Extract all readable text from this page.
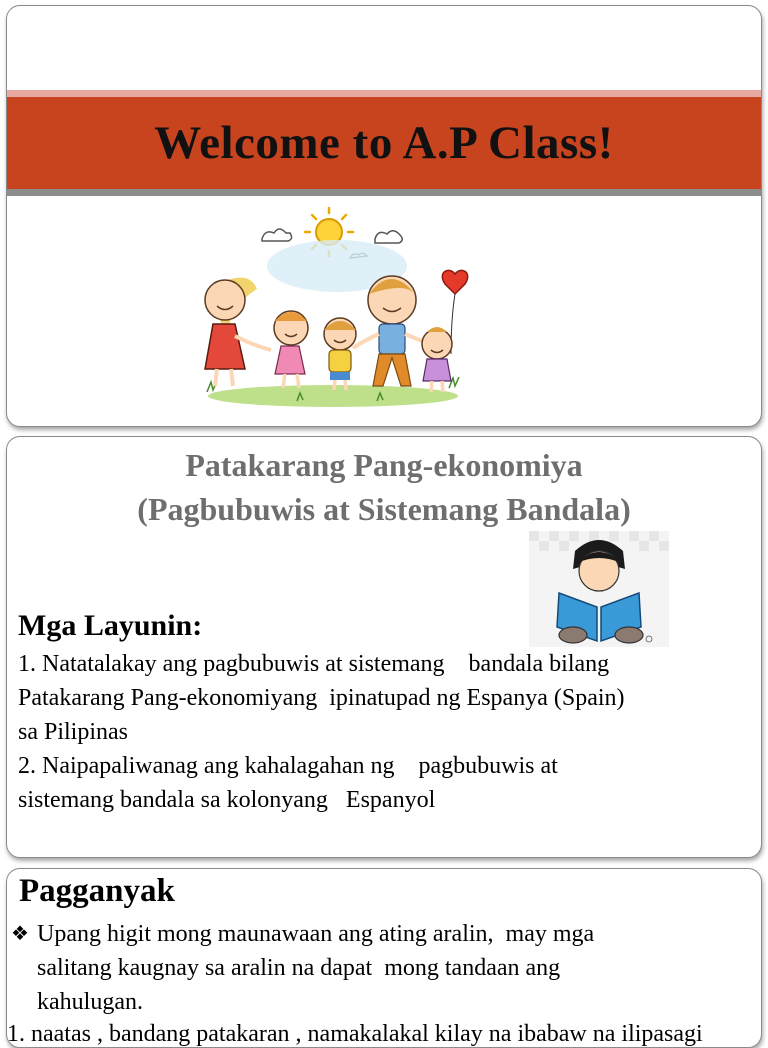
Welcome to A.P Class!
Patakarang Pang-ekonomiya
(Pagbubuwis at Sistemang Bandala)
Mga Layunin:
1. Natatalakay ang pagbubuwis at sistemang    bandala bilang
Patakarang Pang-ekonomiyang  ipinatupad ng Espanya (Spain)
sa Pilipinas
2. Naipapaliwanag ang kahalagahan ng    pagbubuwis at
sistemang bandala sa kolonyang   Espanyol
Pagganyak
❖ Upang higit mong maunawaan ang ating aralin,  may mga
salitang kaugnay sa aralin na dapat  mong tandaan ang
kahulugan.
1. naatas , bandang patakaran , namakalakal kilay na ibabaw na ilipasagi
